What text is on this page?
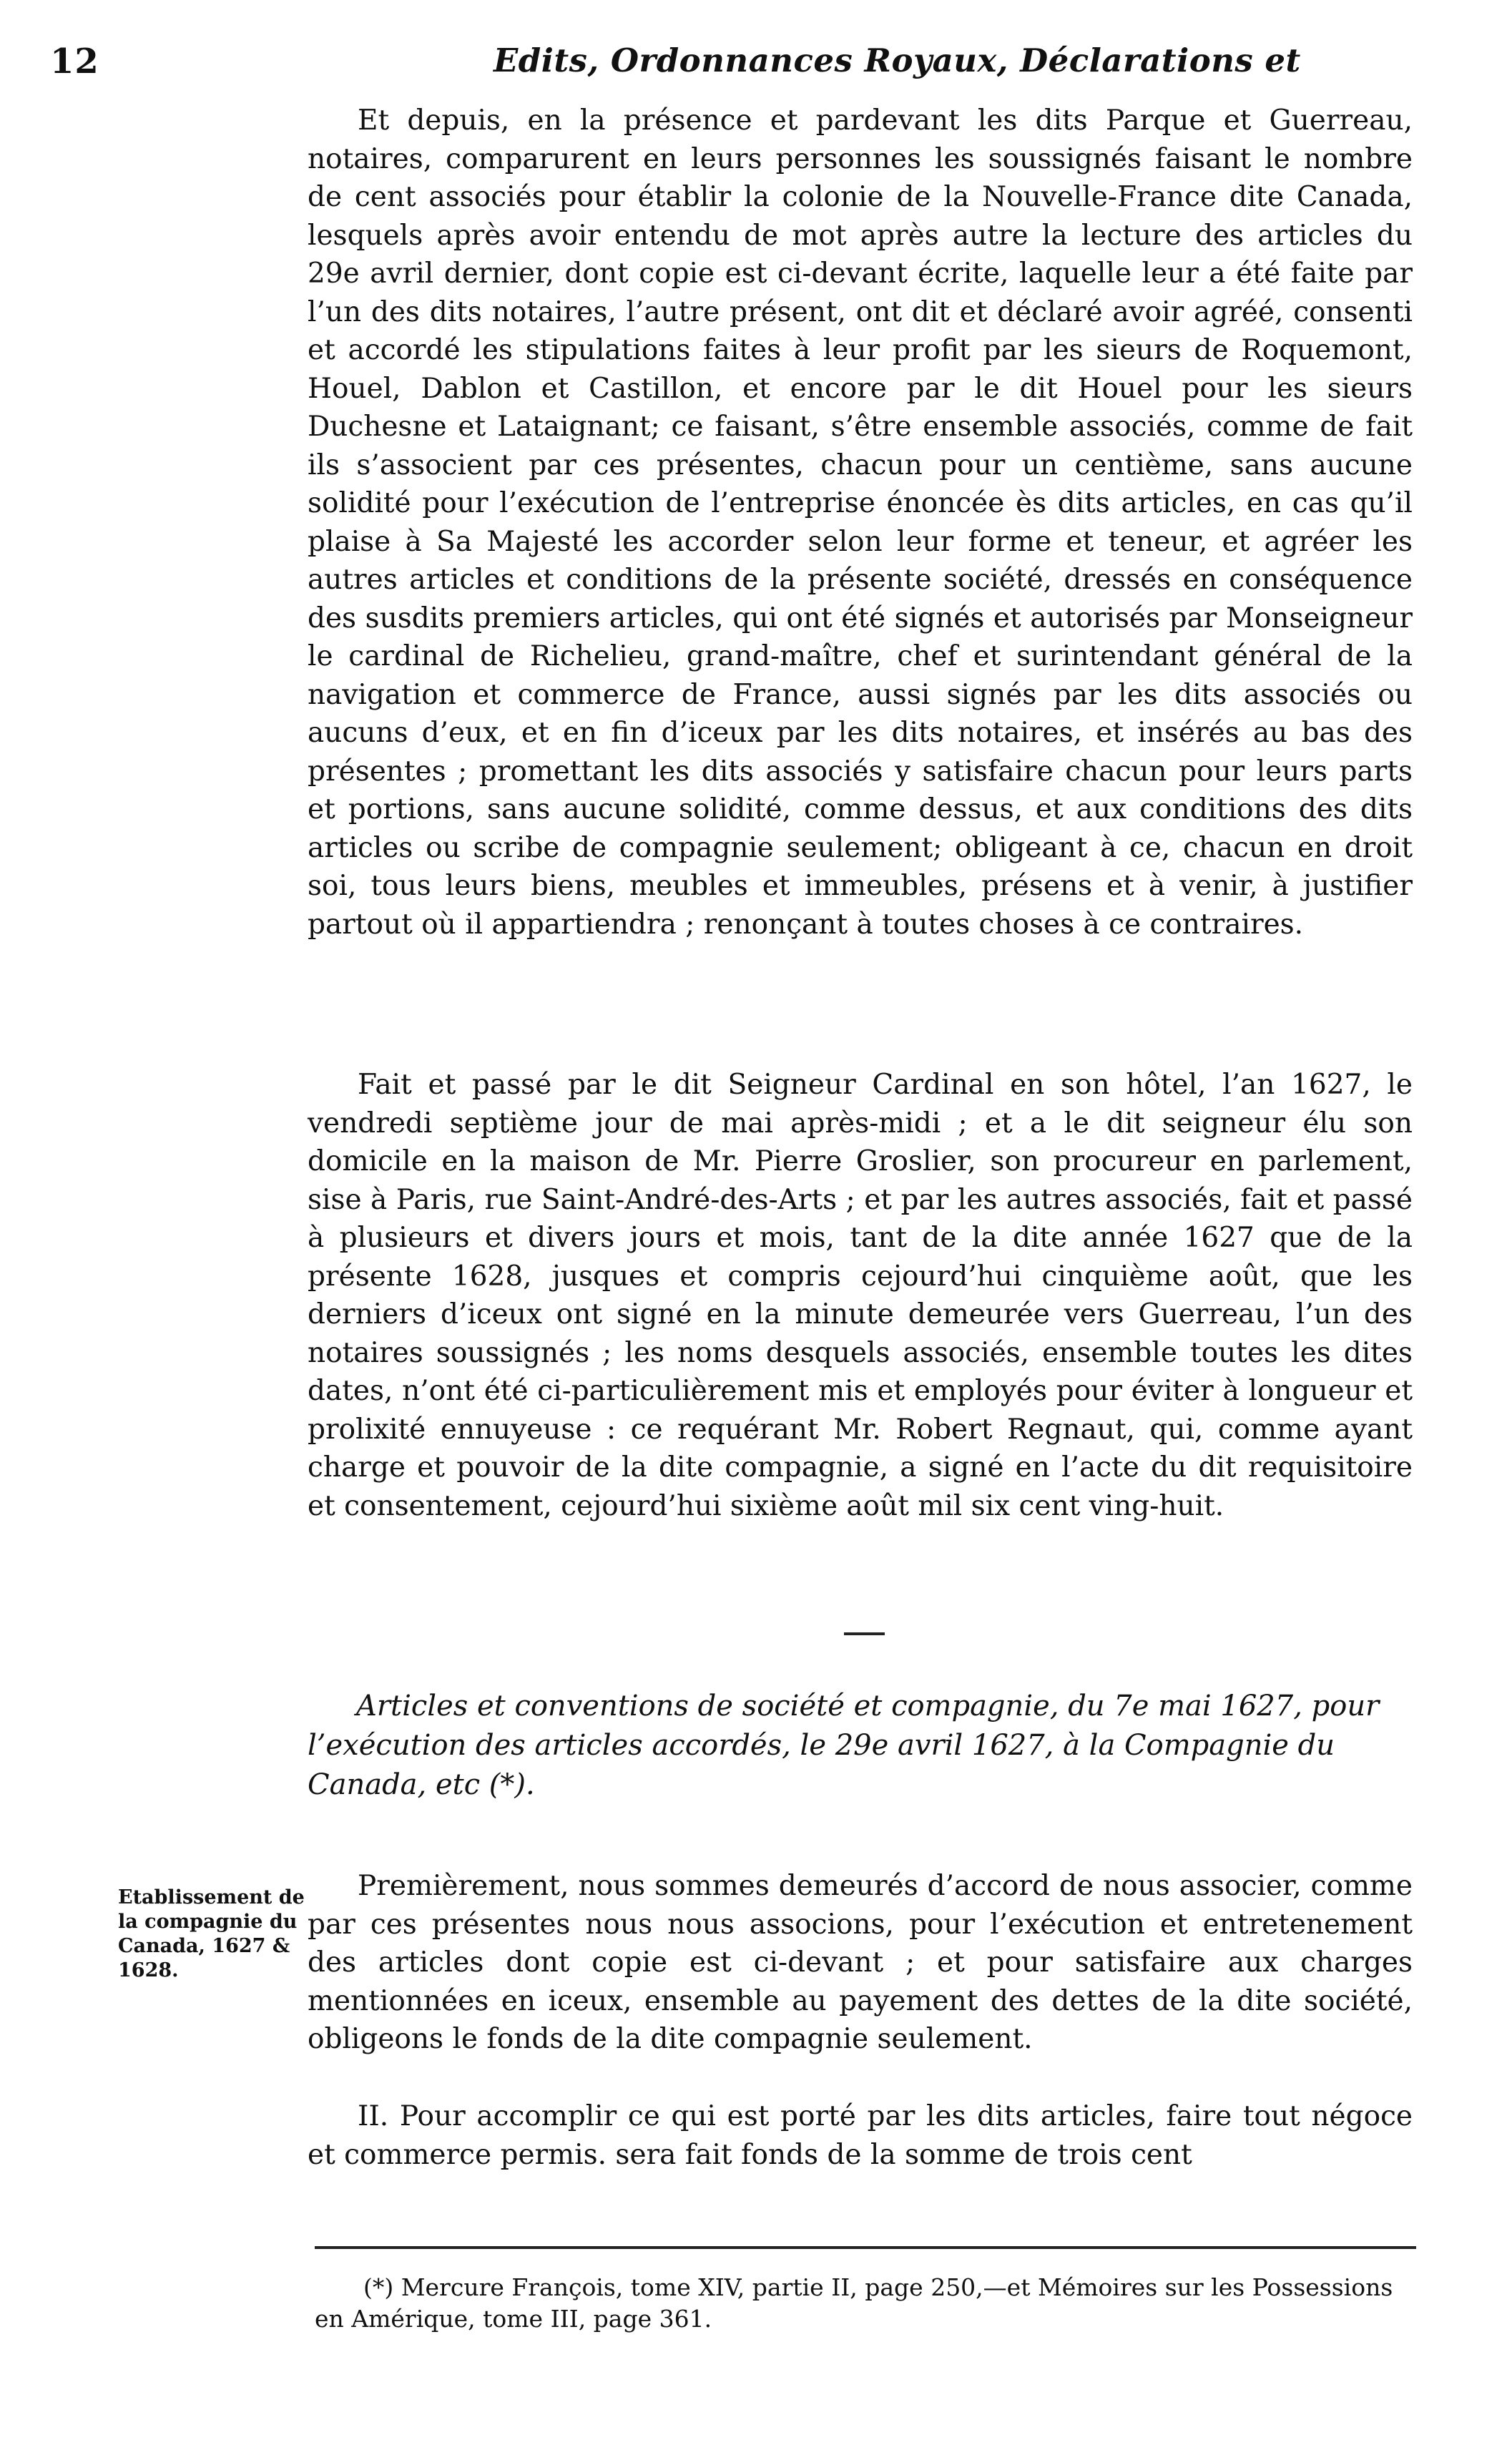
12	Edits, Ordonnances Royaux, Déclarations et

Et depuis, en la présence et pardevant les dits Parque et Guerreau, notaires, comparurent en leurs personnes les soussignés faisant le nombre de cent associés pour établir la colonie de la Nouvelle-France dite Canada, lesquels après avoir entendu de mot après autre la lecture des articles du 29e avril dernier, dont copie est ci-devant écrite, laquelle leur a été faite par l’un des dits notaires, l’autre présent, ont dit et déclaré avoir agréé, consenti et accordé les stipulations faites à leur profit par les sieurs de Roquemont, Houel, Dablon et Castillon, et encore par le dit Houel pour les sieurs Duchesne et Lataignant; ce faisant, s’être ensemble associés, comme de fait ils s’associent par ces présentes, chacun pour un centième, sans aucune solidité pour l’exécution de l’entreprise énoncée ès dits articles, en cas qu’il plaise à Sa Majesté les accorder selon leur forme et teneur, et agréer les autres articles et conditions de la présente société, dressés en conséquence des susdits premiers articles, qui ont été signés et autorisés par Monseigneur le cardinal de Richelieu, grand-maître, chef et surintendant général de la navigation et commerce de France, aussi signés par les dits associés ou aucuns d’eux, et en fin d’iceux par les dits notaires, et insérés au bas des présentes ; promettant les dits associés y satisfaire chacun pour leurs parts et portions, sans aucune solidité, comme dessus, et aux conditions des dits articles ou scribe de compagnie seulement; obligeant à ce, chacun en droit soi, tous leurs biens, meubles et immeubles, présens et à venir, à justifier partout où il appartiendra ; renonçant à toutes choses à ce contraires.

Fait et passé par le dit Seigneur Cardinal en son hôtel, l’an 1627, le vendredi septième jour de mai après-midi ; et a le dit seigneur élu son domicile en la maison de Mr. Pierre Groslier, son procureur en parlement, sise à Paris, rue Saint-André-des-Arts ; et par les autres associés, fait et passé à plusieurs et divers jours et mois, tant de la dite année 1627 que de la présente 1628, jusques et compris cejourd’hui cinquième août, que les derniers d’iceux ont signé en la minute demeurée vers Guerreau, l’un des notaires soussignés ; les noms desquels associés, ensemble toutes les dites dates, n’ont été ci-particulièrement mis et employés pour éviter à longueur et prolixité ennuyeuse : ce requérant Mr. Robert Regnaut, qui, comme ayant charge et pouvoir de la dite compagnie, a signé en l’acte du dit requisitoire et consentement, cejourd’hui sixième août mil six cent ving-huit.

Articles et conventions de société et compagnie, du 7e mai 1627, pour l’exécution des articles accordés, le 29e avril 1627, à la Compagnie du Canada, etc (*).

Etablissement de la compagnie du Canada, 1627 & 1628.

Premièrement, nous sommes demeurés d’accord de nous associer, comme par ces présentes nous nous associons, pour l’exécution et entretenement des articles dont copie est ci-devant ; et pour satisfaire aux charges mentionnées en iceux, ensemble au payement des dettes de la dite société, obligeons le fonds de la dite compagnie seulement.

II. Pour accomplir ce qui est porté par les dits articles, faire tout négoce et commerce permis. sera fait fonds de la somme de trois cent

(*) Mercure François, tome XIV, partie II, page 250,—et Mémoires sur les Possessions en Amérique, tome III, page 361.
